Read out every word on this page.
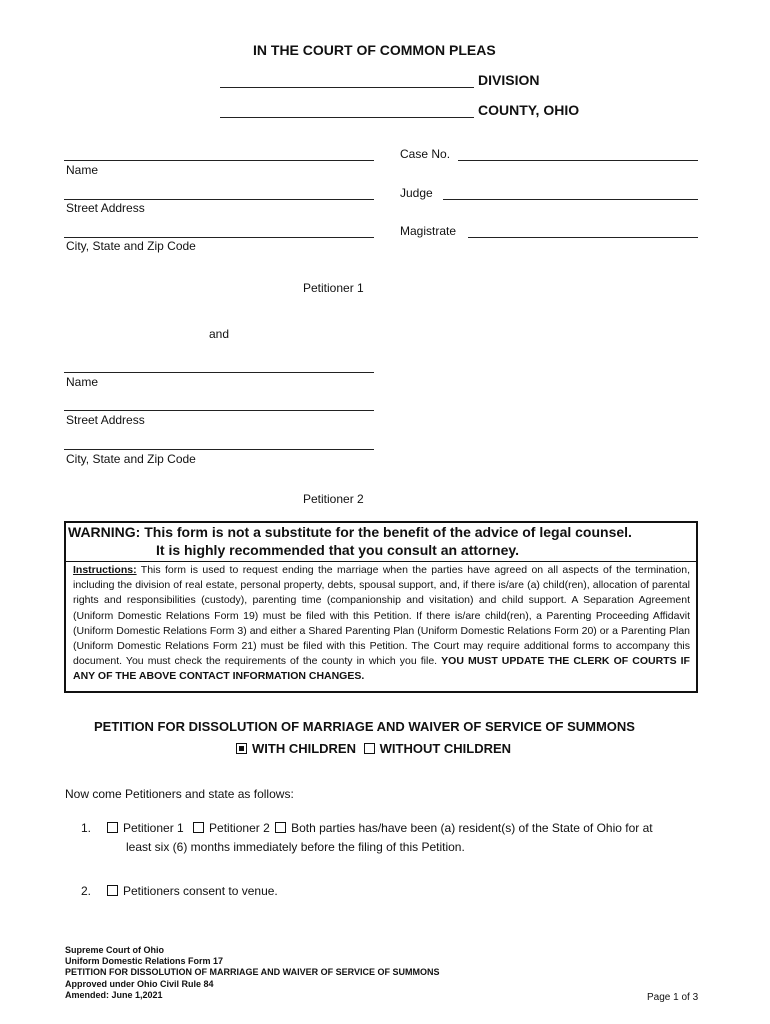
IN THE COURT OF COMMON PLEAS
DIVISION
COUNTY, OHIO
Case No.
Judge
Magistrate
Name
Street Address
City, State and Zip Code
Petitioner 1
and
Name
Street Address
City, State and Zip Code
Petitioner 2
WARNING: This form is not a substitute for the benefit of the advice of legal counsel.
It is highly recommended that you consult an attorney.
Instructions: This form is used to request ending the marriage when the parties have agreed on all aspects of the termination, including the division of real estate, personal property, debts, spousal support, and, if there is/are (a) child(ren), allocation of parental rights and responsibilities (custody), parenting time (companionship and visitation) and child support. A Separation Agreement (Uniform Domestic Relations Form 19) must be filed with this Petition. If there is/are child(ren), a Parenting Proceeding Affidavit (Uniform Domestic Relations Form 3) and either a Shared Parenting Plan (Uniform Domestic Relations Form 20) or a Parenting Plan (Uniform Domestic Relations Form 21) must be filed with this Petition. The Court may require additional forms to accompany this document. You must check the requirements of the county in which you file. YOU MUST UPDATE THE CLERK OF COURTS IF ANY OF THE ABOVE CONTACT INFORMATION CHANGES.
PETITION FOR DISSOLUTION OF MARRIAGE AND WAIVER OF SERVICE OF SUMMONS
WITH CHILDREN WITHOUT CHILDREN
Now come Petitioners and state as follows:
1.	Petitioner 1 Petitioner 2 Both parties has/have been (a) resident(s) of the State of Ohio for at
least six (6) months immediately before the filing of this Petition.
2.	Petitioners consent to venue.
Supreme Court of Ohio
Uniform Domestic Relations Form 17
PETITION FOR DISSOLUTION OF MARRIAGE AND WAIVER OF SERVICE OF SUMMONS
Approved under Ohio Civil Rule 84
Amended: June 1,2021	Page 1 of 3
